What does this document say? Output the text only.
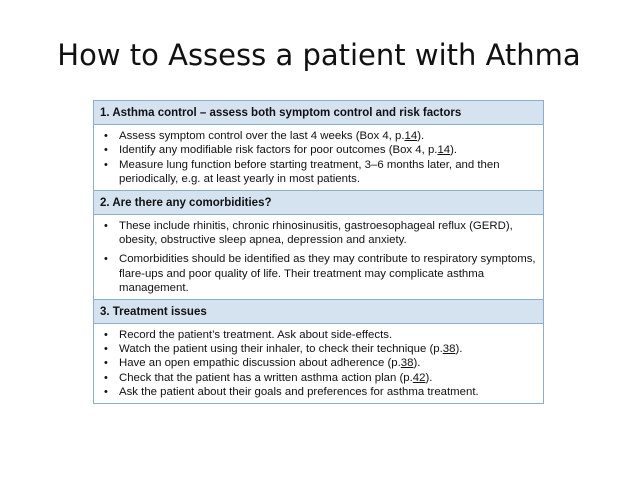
How to Assess a patient with Athma
1. Asthma control – assess both symptom control and risk factors
• Assess symptom control over the last 4 weeks (Box 4, p.14).
• Identify any modifiable risk factors for poor outcomes (Box 4, p.14).
• Measure lung function before starting treatment, 3–6 months later, and then periodically, e.g. at least yearly in most patients.
2. Are there any comorbidities?
• These include rhinitis, chronic rhinosinusitis, gastroesophageal reflux (GERD), obesity, obstructive sleep apnea, depression and anxiety.
• Comorbidities should be identified as they may contribute to respiratory symptoms, flare-ups and poor quality of life. Their treatment may complicate asthma management.
3. Treatment issues
• Record the patient’s treatment. Ask about side-effects.
• Watch the patient using their inhaler, to check their technique (p.38).
• Have an open empathic discussion about adherence (p.38).
• Check that the patient has a written asthma action plan (p.42).
• Ask the patient about their goals and preferences for asthma treatment.
